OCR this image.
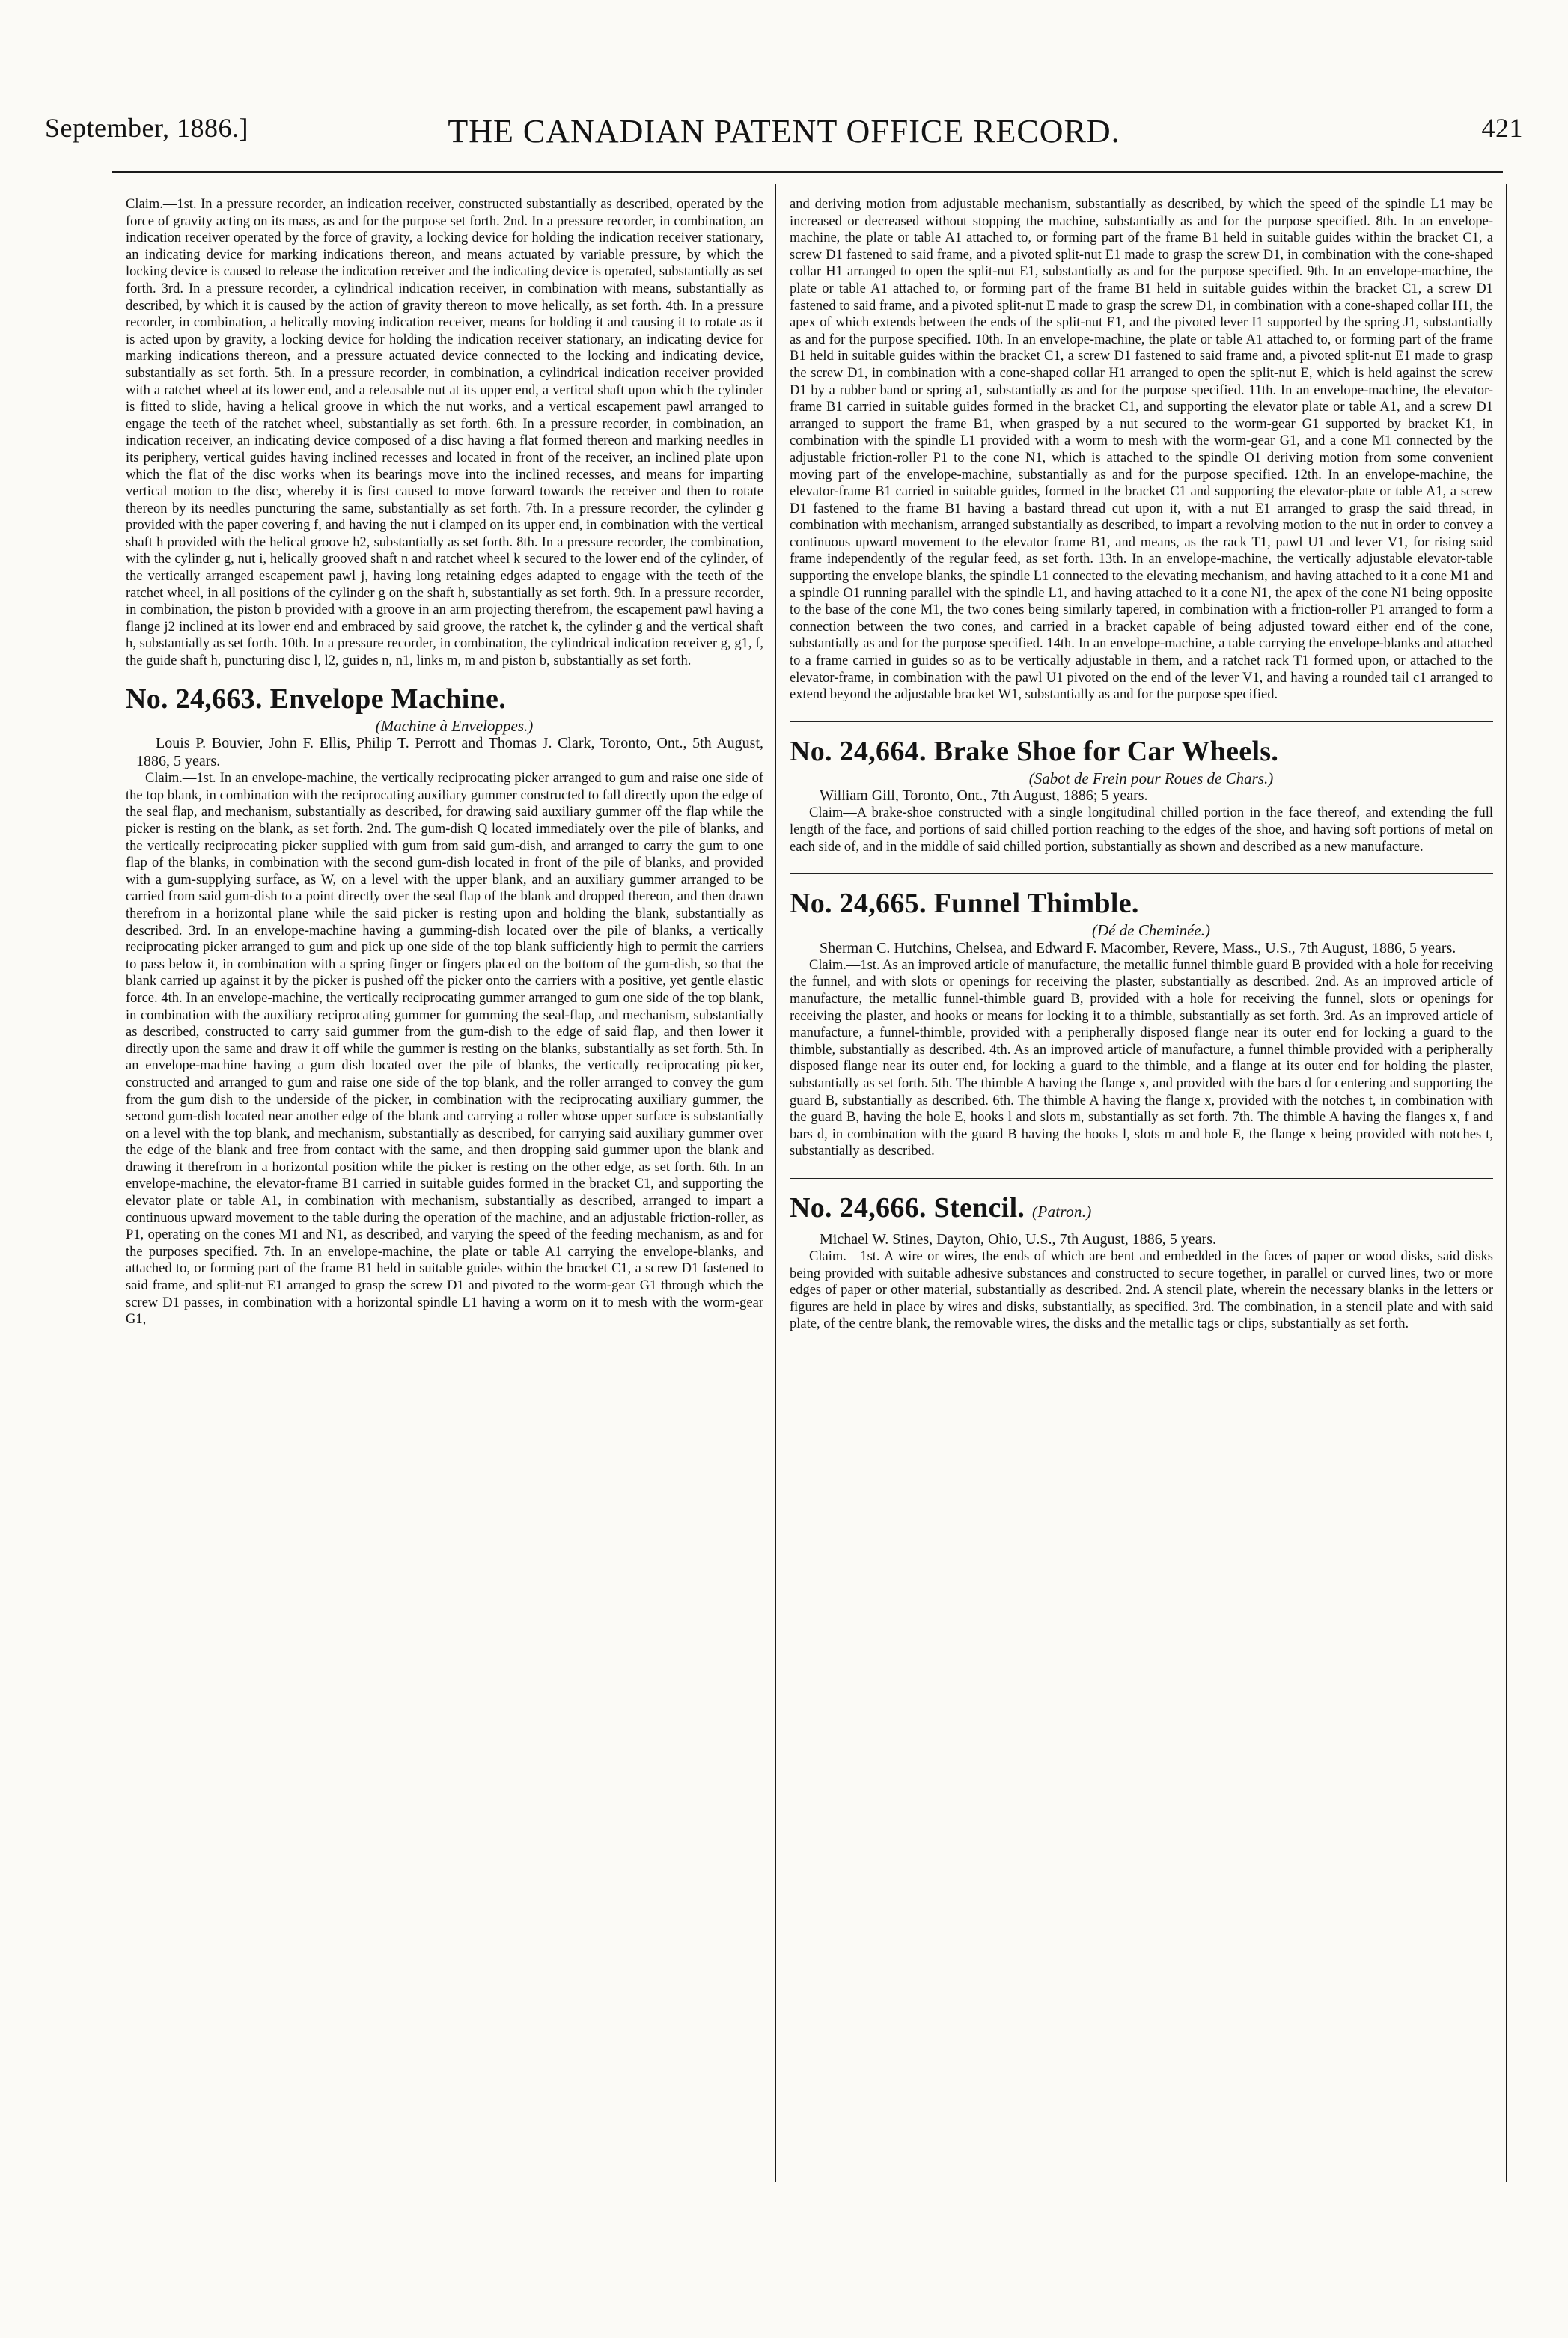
September, 1886.]	THE CANADIAN PATENT OFFICE RECORD.	421

Claim.—1st. In a pressure recorder, an indication receiver, constructed substantially as described, operated by the force of gravity acting on its mass, as and for the purpose set forth. 2nd. In a pressure recorder, in combination, an indication receiver operated by the force of gravity, a locking device for holding the indication receiver stationary, an indicating device for marking indications thereon, and means actuated by variable pressure, by which the locking device is caused to release the indication receiver and the indicating device is operated, substantially as set forth. 3rd. In a pressure recorder, a cylindrical indication receiver, in combination with means, substantially as described, by which it is caused by the action of gravity thereon to move helically, as set forth. 4th. In a pressure recorder, in combination, a helically moving indication receiver, means for holding it and causing it to rotate as it is acted upon by gravity, a locking device for holding the indication receiver stationary, an indicating device for marking indications thereon, and a pressure actuated device connected to the locking and indicating device, substantially as set forth. 5th. In a pressure recorder, in combination, a cylindrical indication receiver provided with a ratchet wheel at its lower end, and a releasable nut at its upper end, a vertical shaft upon which the cylinder is fitted to slide, having a helical groove in which the nut works, and a vertical escapement pawl arranged to engage the teeth of the ratchet wheel, substantially as set forth. 6th. In a pressure recorder, in combination, an indication receiver, an indicating device composed of a disc having a flat formed thereon and marking needles in its periphery, vertical guides having inclined recesses and located in front of the receiver, an inclined plate upon which the flat of the disc works when its bearings move into the inclined recesses, and means for imparting vertical motion to the disc, whereby it is first caused to move forward towards the receiver and then to rotate thereon by its needles puncturing the same, substantially as set forth. 7th. In a pressure recorder, the cylinder g provided with the paper covering f, and having the nut i clamped on its upper end, in combination with the vertical shaft h provided with the helical groove h2, substantially as set forth. 8th. In a pressure recorder, the combination, with the cylinder g, nut i, helically grooved shaft n and ratchet wheel k secured to the lower end of the cylinder, of the vertically arranged escapement pawl j, having long retaining edges adapted to engage with the teeth of the ratchet wheel, in all positions of the cylinder g on the shaft h, substantially as set forth. 9th. In a pressure recorder, in combination, the piston b provided with a groove in an arm projecting therefrom, the escapement pawl having a flange j2 inclined at its lower end and embraced by said groove, the ratchet k, the cylinder g and the vertical shaft h, substantially as set forth. 10th. In a pressure recorder, in combination, the cylindrical indication receiver g, g1, f, the guide shaft h, puncturing disc l, l2, guides n, n1, links m, m and piston b, substantially as set forth.

No. 24,663. Envelope Machine.

(Machine à Enveloppes.)

Louis P. Bouvier, John F. Ellis, Philip T. Perrott and Thomas J. Clark, Toronto, Ont., 5th August, 1886, 5 years.

Claim.—1st. In an envelope-machine, the vertically reciprocating picker arranged to gum and raise one side of the top blank, in combination with the reciprocating auxiliary gummer constructed to fall directly upon the edge of the seal flap, and mechanism, substantially as described, for drawing said auxiliary gummer off the flap while the picker is resting on the blank, as set forth. 2nd. The gum-dish Q located immediately over the pile of blanks, and the vertically reciprocating picker supplied with gum from said gum-dish, and arranged to carry the gum to one flap of the blanks, in combination with the second gum-dish located in front of the pile of blanks, and provided with a gum-supplying surface, as W, on a level with the upper blank, and an auxiliary gummer arranged to be carried from said gum-dish to a point directly over the seal flap of the blank and dropped thereon, and then drawn therefrom in a horizontal plane while the said picker is resting upon and holding the blank, substantially as described. 3rd. In an envelope-machine having a gumming-dish located over the pile of blanks, a vertically reciprocating picker arranged to gum and pick up one side of the top blank sufficiently high to permit the carriers to pass below it, in combination with a spring finger or fingers placed on the bottom of the gum-dish, so that the blank carried up against it by the picker is pushed off the picker onto the carriers with a positive, yet gentle elastic force. 4th. In an envelope-machine, the vertically reciprocating gummer arranged to gum one side of the top blank, in combination with the auxiliary reciprocating gummer for gumming the seal-flap, and mechanism, substantially as described, constructed to carry said gummer from the gum-dish to the edge of said flap, and then lower it directly upon the same and draw it off while the gummer is resting on the blanks, substantially as set forth. 5th. In an envelope-machine having a gum dish located over the pile of blanks, the vertically reciprocating picker, constructed and arranged to gum and raise one side of the top blank, and the roller arranged to convey the gum from the gum dish to the underside of the picker, in combination with the reciprocating auxiliary gummer, the second gum-dish located near another edge of the blank and carrying a roller whose upper surface is substantially on a level with the top blank, and mechanism, substantially as described, for carrying said auxiliary gummer over the edge of the blank and free from contact with the same, and then dropping said gummer upon the blank and drawing it therefrom in a horizontal position while the picker is resting on the other edge, as set forth. 6th. In an envelope-machine, the elevator-frame B1 carried in suitable guides formed in the bracket C1, and supporting the elevator plate or table A1, in combination with mechanism, substantially as described, arranged to impart a continuous upward movement to the table during the operation of the machine, and an adjustable friction-roller, as P1, operating on the cones M1 and N1, as described, and varying the speed of the feeding mechanism, as and for the purposes specified. 7th. In an envelope-machine, the plate or table A1 carrying the envelope-blanks, and attached to, or forming part of the frame B1 held in suitable guides within the bracket C1, a screw D1 fastened to said frame, and split-nut E1 arranged to grasp the screw D1 and pivoted to the worm-gear G1 through which the screw D1 passes, in combination with a horizontal spindle L1 having a worm on it to mesh with the worm-gear G1,

and deriving motion from adjustable mechanism, substantially as described, by which the speed of the spindle L1 may be increased or decreased without stopping the machine, substantially as and for the purpose specified. 8th. In an envelope-machine, the plate or table A1 attached to, or forming part of the frame B1 held in suitable guides within the bracket C1, a screw D1 fastened to said frame, and a pivoted split-nut E1 made to grasp the screw D1, in combination with the cone-shaped collar H1 arranged to open the split-nut E1, substantially as and for the purpose specified. 9th. In an envelope-machine, the plate or table A1 attached to, or forming part of the frame B1 held in suitable guides within the bracket C1, a screw D1 fastened to said frame, and a pivoted split-nut E made to grasp the screw D1, in combination with a cone-shaped collar H1, the apex of which extends between the ends of the split-nut E1, and the pivoted lever I1 supported by the spring J1, substantially as and for the purpose specified. 10th. In an envelope-machine, the plate or table A1 attached to, or forming part of the frame B1 held in suitable guides within the bracket C1, a screw D1 fastened to said frame and, a pivoted split-nut E1 made to grasp the screw D1, in combination with a cone-shaped collar H1 arranged to open the split-nut E, which is held against the screw D1 by a rubber band or spring a1, substantially as and for the purpose specified. 11th. In an envelope-machine, the elevator-frame B1 carried in suitable guides formed in the bracket C1, and supporting the elevator plate or table A1, and a screw D1 arranged to support the frame B1, when grasped by a nut secured to the worm-gear G1 supported by bracket K1, in combination with the spindle L1 provided with a worm to mesh with the worm-gear G1, and a cone M1 connected by the adjustable friction-roller P1 to the cone N1, which is attached to the spindle O1 deriving motion from some convenient moving part of the envelope-machine, substantially as and for the purpose specified. 12th. In an envelope-machine, the elevator-frame B1 carried in suitable guides, formed in the bracket C1 and supporting the elevator-plate or table A1, a screw D1 fastened to the frame B1 having a bastard thread cut upon it, with a nut E1 arranged to grasp the said thread, in combination with mechanism, arranged substantially as described, to impart a revolving motion to the nut in order to convey a continuous upward movement to the elevator frame B1, and means, as the rack T1, pawl U1 and lever V1, for rising said frame independently of the regular feed, as set forth. 13th. In an envelope-machine, the vertically adjustable elevator-table supporting the envelope blanks, the spindle L1 connected to the elevating mechanism, and having attached to it a cone M1 and a spindle O1 running parallel with the spindle L1, and having attached to it a cone N1, the apex of the cone N1 being opposite to the base of the cone M1, the two cones being similarly tapered, in combination with a friction-roller P1 arranged to form a connection between the two cones, and carried in a bracket capable of being adjusted toward either end of the cone, substantially as and for the purpose specified. 14th. In an envelope-machine, a table carrying the envelope-blanks and attached to a frame carried in guides so as to be vertically adjustable in them, and a ratchet rack T1 formed upon, or attached to the elevator-frame, in combination with the pawl U1 pivoted on the end of the lever V1, and having a rounded tail c1 arranged to extend beyond the adjustable bracket W1, substantially as and for the purpose specified.

No. 24,664. Brake Shoe for Car Wheels.

(Sabot de Frein pour Roues de Chars.)

William Gill, Toronto, Ont., 7th August, 1886; 5 years.

Claim—A brake-shoe constructed with a single longitudinal chilled portion in the face thereof, and extending the full length of the face, and portions of said chilled portion reaching to the edges of the shoe, and having soft portions of metal on each side of, and in the middle of said chilled portion, substantially as shown and described as a new manufacture.

No. 24,665. Funnel Thimble.

(Dé de Cheminée.)

Sherman C. Hutchins, Chelsea, and Edward F. Macomber, Revere, Mass., U.S., 7th August, 1886, 5 years.

Claim.—1st. As an improved article of manufacture, the metallic funnel thimble guard B provided with a hole for receiving the funnel, and with slots or openings for receiving the plaster, substantially as described. 2nd. As an improved article of manufacture, the metallic funnel-thimble guard B, provided with a hole for receiving the funnel, slots or openings for receiving the plaster, and hooks or means for locking it to a thimble, substantially as set forth. 3rd. As an improved article of manufacture, a funnel-thimble, provided with a peripherally disposed flange near its outer end for locking a guard to the thimble, substantially as described. 4th. As an improved article of manufacture, a funnel thimble provided with a peripherally disposed flange near its outer end, for locking a guard to the thimble, and a flange at its outer end for holding the plaster, substantially as set forth. 5th. The thimble A having the flange x, and provided with the bars d for centering and supporting the guard B, substantially as described. 6th. The thimble A having the flange x, provided with the notches t, in combination with the guard B, having the hole E, hooks l and slots m, substantially as set forth. 7th. The thimble A having the flanges x, f and bars d, in combination with the guard B having the hooks l, slots m and hole E, the flange x being provided with notches t, substantially as described.

No. 24,666. Stencil. (Patron.)

Michael W. Stines, Dayton, Ohio, U.S., 7th August, 1886, 5 years.

Claim.—1st. A wire or wires, the ends of which are bent and embedded in the faces of paper or wood disks, said disks being provided with suitable adhesive substances and constructed to secure together, in parallel or curved lines, two or more edges of paper or other material, substantially as described. 2nd. A stencil plate, wherein the necessary blanks in the letters or figures are held in place by wires and disks, substantially, as specified. 3rd. The combination, in a stencil plate and with said plate, of the centre blank, the removable wires, the disks and the metallic tags or clips, substantially as set forth.
